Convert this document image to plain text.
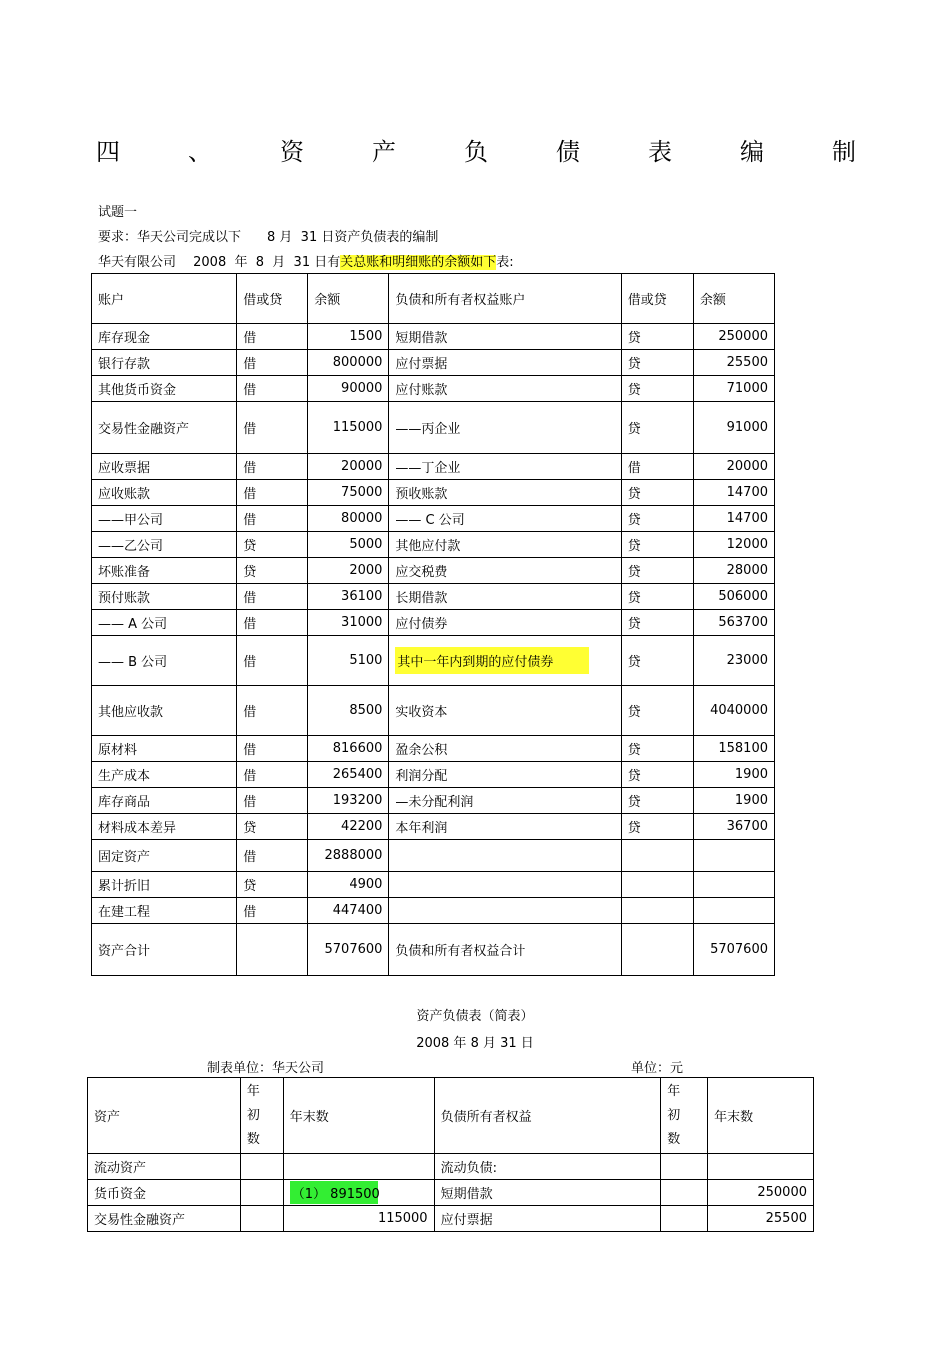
四	、	资	产	负	债	表	编	制
试题一
要求：华天公司完成以下　　8 月  31 日资产负债表的编制
华天有限公司　 2008  年  8  月  31 日有关总账和明细账的余额如下表:
账户	借或贷	余额	负债和所有者权益账户	借或贷	余额
库存现金	借	1500	短期借款	贷	250000
银行存款	借	800000	应付票据	贷	25500
其他货币资金	借	90000	应付账款	贷	71000
交易性金融资产	借	115000	——丙企业	贷	91000
应收票据	借	20000	——丁企业	借	20000
应收账款	借	75000	预收账款	贷	14700
——甲公司	借	80000	—— C 公司	贷	14700
——乙公司	贷	5000	其他应付款	贷	12000
坏账准备	贷	2000	应交税费	贷	28000
预付账款	借	36100	长期借款	贷	506000
—— A 公司	借	31000	应付债券	贷	563700
—— B 公司	借	5100	其中一年内到期的应付债券	贷	23000
其他应收款	借	8500	实收资本	贷	4040000
原材料	借	816600	盈余公积	贷	158100
生产成本	借	265400	利润分配	贷	1900
库存商品	借	193200	—未分配利润	贷	1900
材料成本差异	贷	42200	本年利润	贷	36700
固定资产	借	2888000			
累计折旧	贷	4900			
在建工程	借	447400			
资产合计		5707600	负债和所有者权益合计		5707600
资产负债表（简表）
2008 年 8 月 31 日
制表单位：华天公司	单位：元
资产	年
初
数	年末数	负债所有者权益	年
初
数	年末数
流动资产			流动负债:		
货币资金		（1） 891500	短期借款		250000
交易性金融资产		115000	应付票据		25500
